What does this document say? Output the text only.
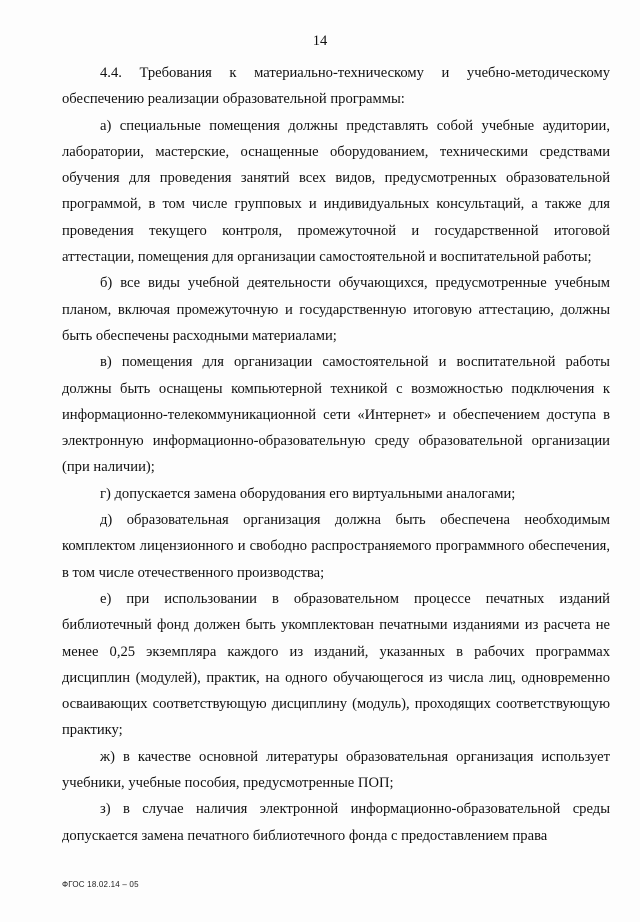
14

4.4. Требования к материально-техническому и учебно-методическому обеспечению реализации образовательной программы:

а) специальные помещения должны представлять собой учебные аудитории, лаборатории, мастерские, оснащенные оборудованием, техническими средствами обучения для проведения занятий всех видов, предусмотренных образовательной программой, в том числе групповых и индивидуальных консультаций, а также для проведения текущего контроля, промежуточной и государственной итоговой аттестации, помещения для организации самостоятельной и воспитательной работы;

б) все виды учебной деятельности обучающихся, предусмотренные учебным планом, включая промежуточную и государственную итоговую аттестацию, должны быть обеспечены расходными материалами;

в) помещения для организации самостоятельной и воспитательной работы должны быть оснащены компьютерной техникой с возможностью подключения к информационно-телекоммуникационной сети «Интернет» и обеспечением доступа в электронную информационно-образовательную среду образовательной организации (при наличии);

г) допускается замена оборудования его виртуальными аналогами;

д) образовательная организация должна быть обеспечена необходимым комплектом лицензионного и свободно распространяемого программного обеспечения, в том числе отечественного производства;

е) при использовании в образовательном процессе печатных изданий библиотечный фонд должен быть укомплектован печатными изданиями из расчета не менее 0,25 экземпляра каждого из изданий, указанных в рабочих программах дисциплин (модулей), практик, на одного обучающегося из числа лиц, одновременно осваивающих соответствующую дисциплину (модуль), проходящих соответствующую практику;

ж) в качестве основной литературы образовательная организация использует учебники, учебные пособия, предусмотренные ПОП;

з) в случае наличия электронной информационно-образовательной среды допускается замена печатного библиотечного фонда с предоставлением права

ФГОС 18.02.14 – 05
